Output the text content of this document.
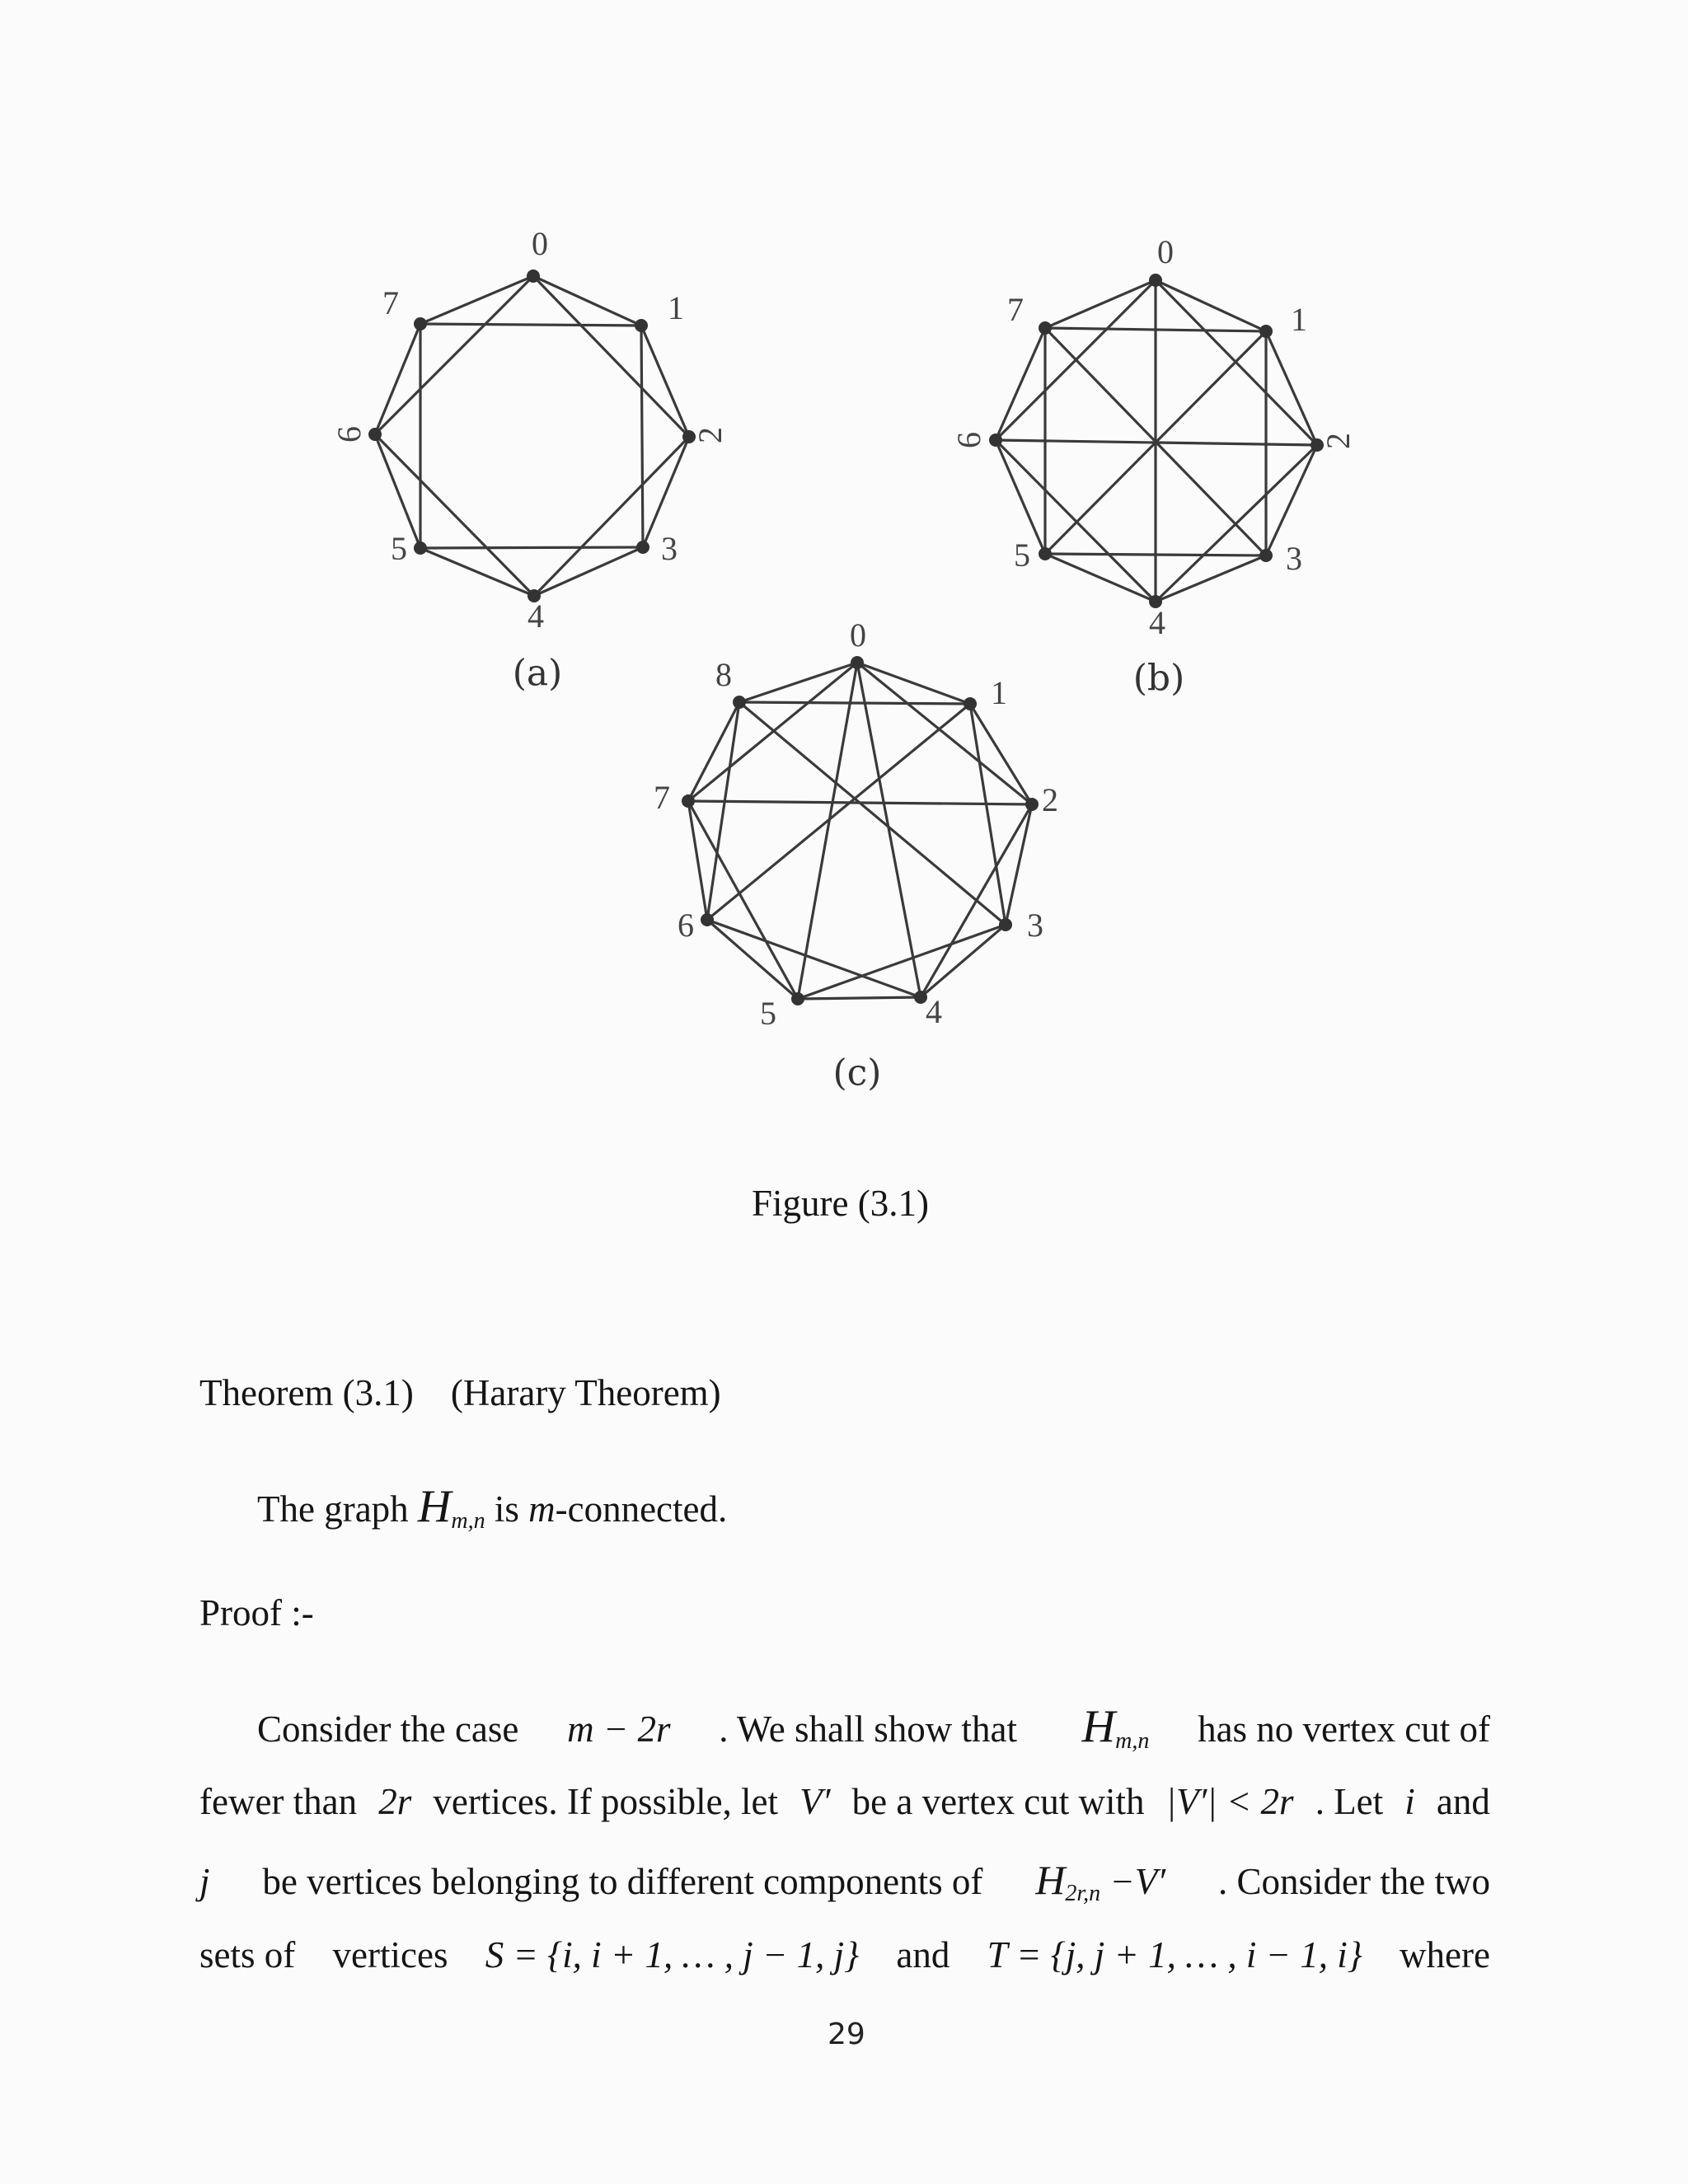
0
1
2
3
4
5
6
7
(a)
0
1
2
3
4
5
6
7
(b)
0
1
2
3
4
5
6
7
8
(c)
Figure (3.1)
Theorem (3.1) (Harary Theorem)
The graph $H_{m,n}$ is m-connected.
Proof :-
Consider the case m − 2r . We shall show that $H_{m,n}$ has no vertex cut of
fewer than 2r vertices. If possible, let V′ be a vertex cut with |V′| < 2r . Let i and
j be vertices belonging to different components of $H_{2r,n} -V'$ . Consider the two
sets of vertices S = {i, i + 1, … , j − 1, j} and T = {j, j + 1, … , i − 1, i} where
29
